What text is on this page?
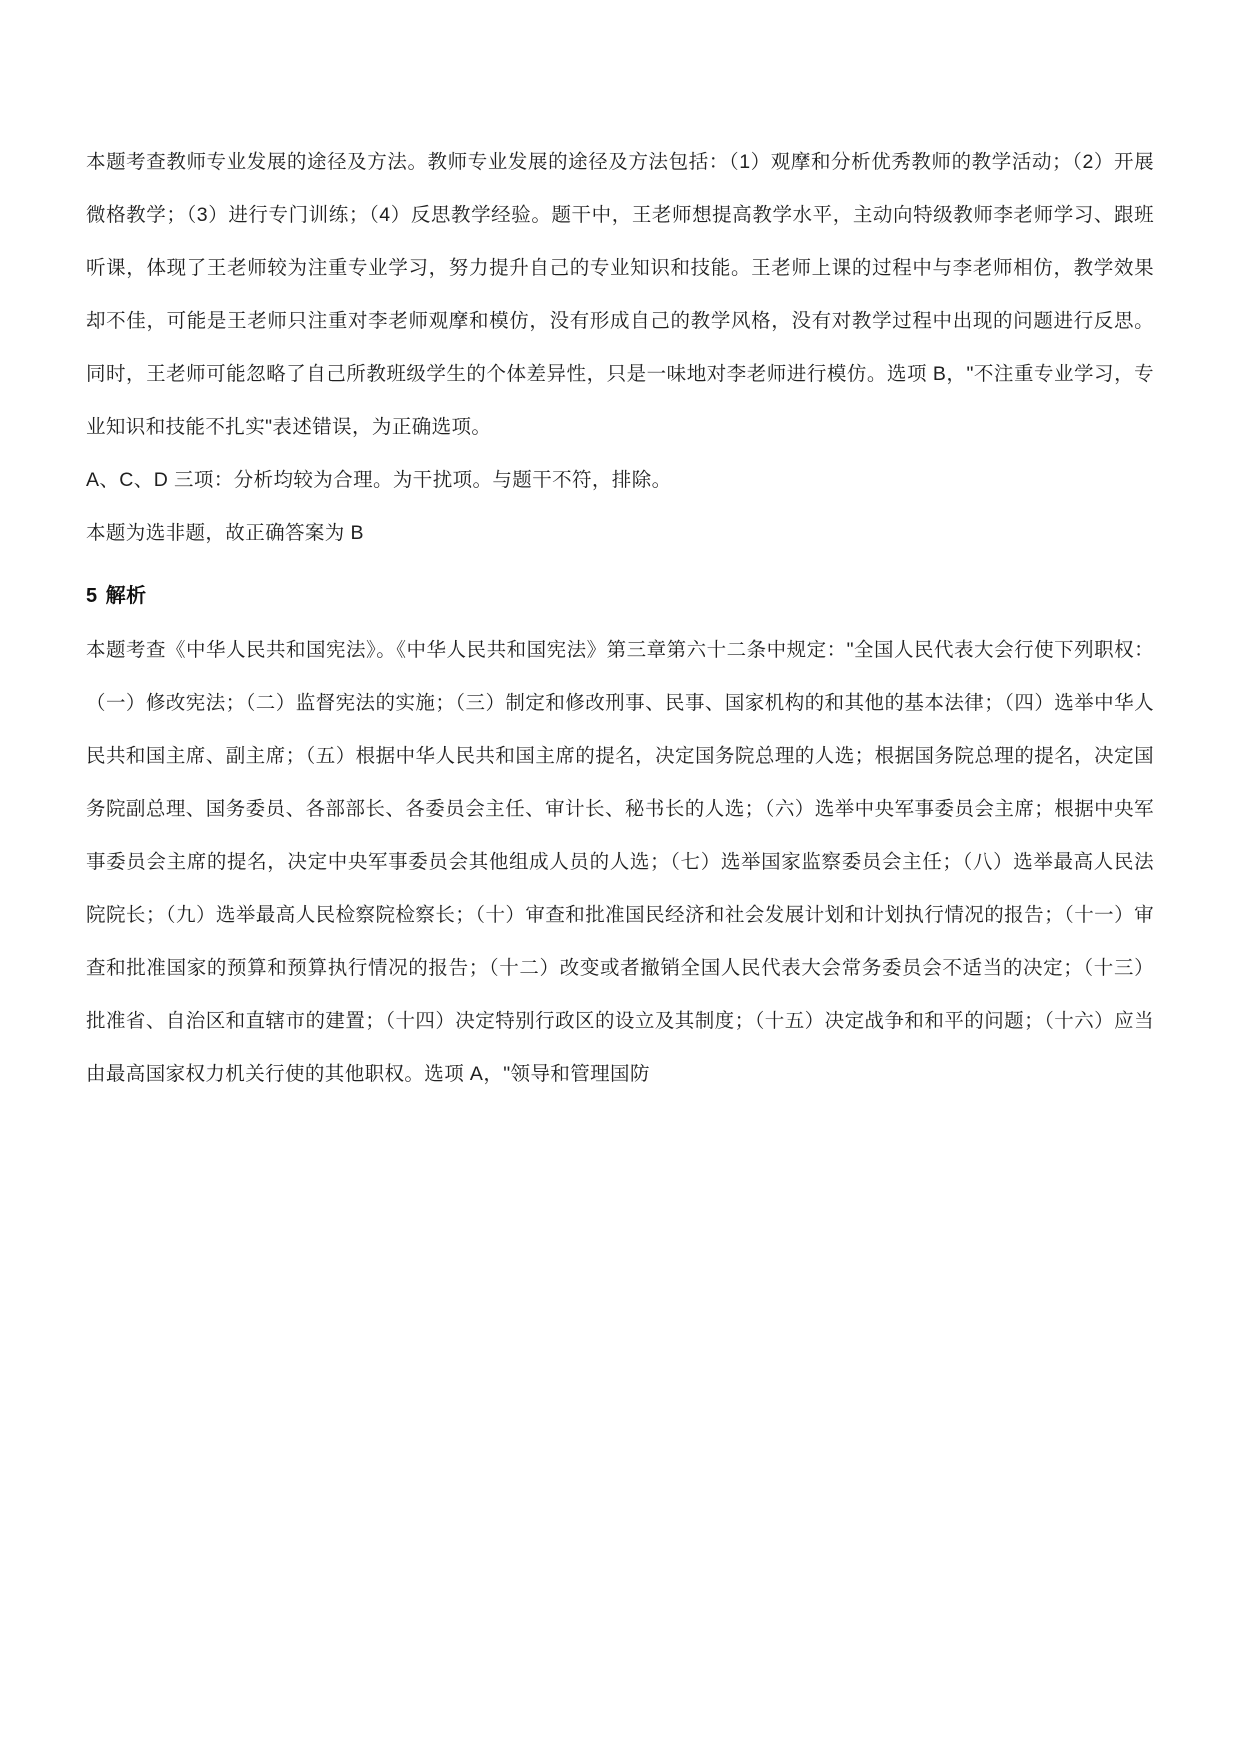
本题考查教师专业发展的途径及方法。教师专业发展的途径及方法包括：（1）观摩和分析优秀教师的教学活动；（2）开展微格教学；（3）进行专门训练；（4）反思教学经验。题干中，王老师想提高教学水平，主动向特级教师李老师学习、跟班听课，体现了王老师较为注重专业学习，努力提升自己的专业知识和技能。王老师上课的过程中与李老师相仿，教学效果却不佳，可能是王老师只注重对李老师观摩和模仿，没有形成自己的教学风格，没有对教学过程中出现的问题进行反思。同时，王老师可能忽略了自己所教班级学生的个体差异性，只是一味地对李老师进行模仿。选项 B，"不注重专业学习，专业知识和技能不扎实"表述错误，为正确选项。

A、C、D 三项：分析均较为合理。为干扰项。与题干不符，排除。
本题为选非题，故正确答案为 B
5 解析

本题考查《中华人民共和国宪法》。《中华人民共和国宪法》第三章第六十二条中规定："全国人民代表大会行使下列职权：（一）修改宪法；（二）监督宪法的实施；（三）制定和修改刑事、民事、国家机构的和其他的基本法律；（四）选举中华人民共和国主席、副主席；（五）根据中华人民共和国主席的提名，决定国务院总理的人选；根据国务院总理的提名，决定国务院副总理、国务委员、各部部长、各委员会主任、审计长、秘书长的人选；（六）选举中央军事委员会主席；根据中央军事委员会主席的提名，决定中央军事委员会其他组成人员的人选；（七）选举国家监察委员会主任；（八）选举最高人民法院院长；（九）选举最高人民检察院检察长；（十）审查和批准国民经济和社会发展计划和计划执行情况的报告；（十一）审查和批准国家的预算和预算执行情况的报告；（十二）改变或者撤销全国人民代表大会常务委员会不适当的决定；（十三）批准省、自治区和直辖市的建置；（十四）决定特别行政区的设立及其制度；（十五）决定战争和和平的问题；（十六）应当由最高国家权力机关行使的其他职权。选项 A，"领导和管理国防
